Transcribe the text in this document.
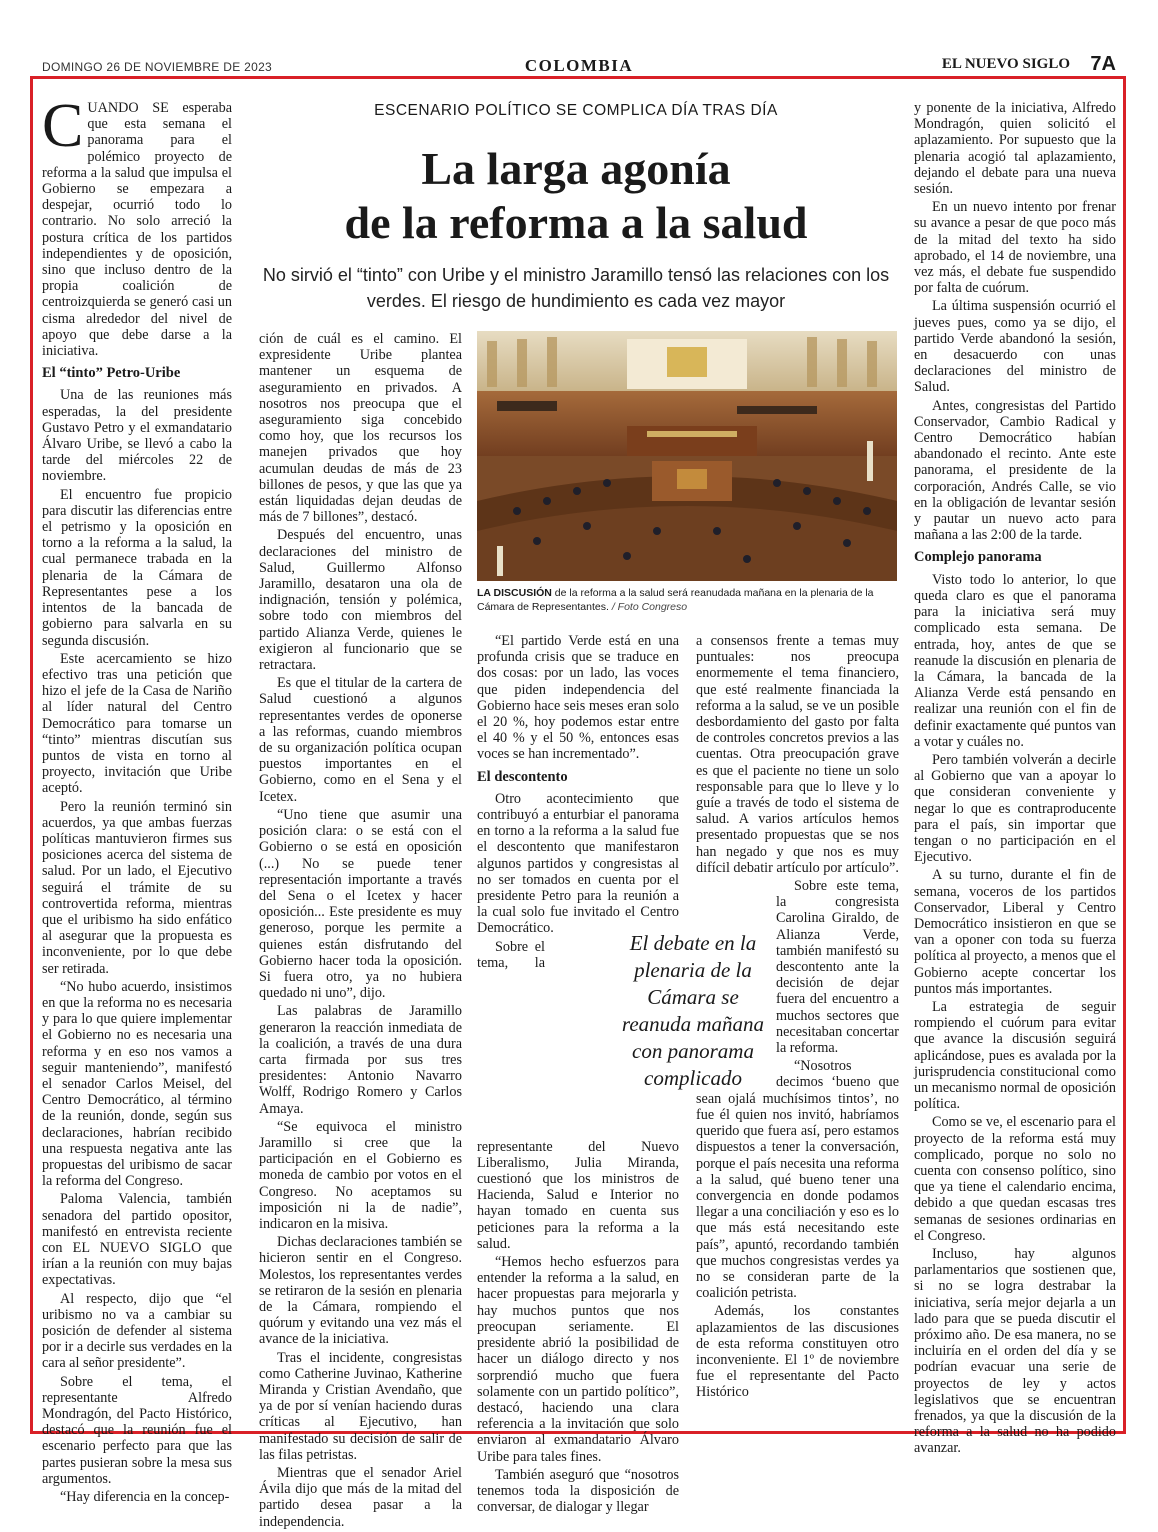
DOMINGO 26 DE NOVIEMBRE DE 2023	COLOMBIA	EL NUEVO SIGLO 7A

CUANDO SE esperaba que esta semana el panorama para el polémico proyecto de reforma a la salud que impulsa el Gobierno se empezara a despejar, ocurrió todo lo contrario. No solo arreció la postura crítica de los partidos independientes y de oposición, sino que incluso dentro de la propia coalición de centroizquierda se generó casi un cisma alrededor del nivel de apoyo que debe darse a la iniciativa.

El “tinto” Petro-Uribe

Una de las reuniones más esperadas, la del presidente Gustavo Petro y el exmandatario Álvaro Uribe, se llevó a cabo la tarde del miércoles 22 de noviembre.

El encuentro fue propicio para discutir las diferencias entre el petrismo y la oposición en torno a la reforma a la salud, la cual permanece trabada en la plenaria de la Cámara de Representantes pese a los intentos de la bancada de gobierno para salvarla en su segunda discusión.

Este acercamiento se hizo efectivo tras una petición que hizo el jefe de la Casa de Nariño al líder natural del Centro Democrático para tomarse un “tinto” mientras discutían sus puntos de vista en torno al proyecto, invitación que Uribe aceptó.

Pero la reunión terminó sin acuerdos, ya que ambas fuerzas políticas mantuvieron firmes sus posiciones acerca del sistema de salud. Por un lado, el Ejecutivo seguirá el trámite de su controvertida reforma, mientras que el uribismo ha sido enfático al asegurar que la propuesta es inconveniente, por lo que debe ser retirada.

“No hubo acuerdo, insistimos en que la reforma no es necesaria y para lo que quiere implementar el Gobierno no es necesaria una reforma y en eso nos vamos a seguir manteniendo”, manifestó el senador Carlos Meisel, del Centro Democrático, al término de la reunión, donde, según sus declaraciones, habrían recibido una respuesta negativa ante las propuestas del uribismo de sacar la reforma del Congreso.

Paloma Valencia, también senadora del partido opositor, manifestó en entrevista reciente con EL NUEVO SIGLO que irían a la reunión con muy bajas expectativas.

Al respecto, dijo que “el uribismo no va a cambiar su posición de defender al sistema por ir a decirle sus verdades en la cara al señor presidente”.

Sobre el tema, el representante Alfredo Mondragón, del Pacto Histórico, destacó que la reunión fue el escenario perfecto para que las partes pusieran sobre la mesa sus argumentos.

“Hay diferencia en la concep-

ESCENARIO POLÍTICO SE COMPLICA DÍA TRAS DÍA
La larga agonía
de la reforma a la salud
No sirvió el “tinto” con Uribe y el ministro Jaramillo tensó las relaciones con los verdes. El riesgo de hundimiento es cada vez mayor

ción de cuál es el camino. El expresidente Uribe plantea mantener un esquema de aseguramiento en privados. A nosotros nos preocupa que el aseguramiento siga concebido como hoy, que los recursos los manejen privados que hoy acumulan deudas de más de 23 billones de pesos, y que las que ya están liquidadas dejan deudas de más de 7 billones”, destacó.

Después del encuentro, unas declaraciones del ministro de Salud, Guillermo Alfonso Jaramillo, desataron una ola de indignación, tensión y polémica, sobre todo con miembros del partido Alianza Verde, quienes le exigieron al funcionario que se retractara.

Es que el titular de la cartera de Salud cuestionó a algunos representantes verdes de oponerse a las reformas, cuando miembros de su organización política ocupan puestos importantes en el Gobierno, como en el Sena y el Icetex.

“Uno tiene que asumir una posición clara: o se está con el Gobierno o se está en oposición (...) No se puede tener representación importante a través del Sena o el Icetex y hacer oposición... Este presidente es muy generoso, porque les permite a quienes están disfrutando del Gobierno hacer toda la oposición. Si fuera otro, ya no hubiera quedado ni uno”, dijo.

Las palabras de Jaramillo generaron la reacción inmediata de la coalición, a través de una dura carta firmada por sus tres presidentes: Antonio Navarro Wolff, Rodrigo Romero y Carlos Amaya.

“Se equivoca el ministro Jaramillo si cree que la participación en el Gobierno es moneda de cambio por votos en el Congreso. No aceptamos su imposición ni la de nadie”, indicaron en la misiva.

Dichas declaraciones también se hicieron sentir en el Congreso. Molestos, los representantes verdes se retiraron de la sesión en plenaria de la Cámara, rompiendo el quórum y evitando una vez más el avance de la iniciativa.

Tras el incidente, congresistas como Catherine Juvinao, Katherine Miranda y Cristian Avendaño, que ya de por sí venían haciendo duras críticas al Ejecutivo, han manifestado su decisión de salir de las filas petristas.

Mientras que el senador Ariel Ávila dijo que más de la mitad del partido desea pasar a la independencia.

LA DISCUSIÓN de la reforma a la salud será reanudada mañana en la plenaria de la Cámara de Representantes. / Foto Congreso

“El partido Verde está en una profunda crisis que se traduce en dos cosas: por un lado, las voces que piden independencia del Gobierno hace seis meses eran solo el 20 %, hoy podemos estar entre el 40 % y el 50 %, entonces esas voces se han incrementado”.

El descontento

Otro acontecimiento que contribuyó a enturbiar el panorama en torno a la reforma a la salud fue el descontento que manifestaron algunos partidos y congresistas al no ser tomados en cuenta por el presidente Petro para la reunión a la cual solo fue invitado el Centro Democrático.

Sobre el tema, la representante del Nuevo Liberalismo, Julia Miranda, cuestionó que los ministros de Hacienda, Salud e Interior no hayan tomado en cuenta sus peticiones para la reforma a la salud.

“Hemos hecho esfuerzos para entender la reforma a la salud, en hacer propuestas para mejorarla y hay muchos puntos que nos preocupan seriamente. El presidente abrió la posibilidad de hacer un diálogo directo y nos sorprendió mucho que fuera solamente con un partido político”, destacó, haciendo una clara referencia a la invitación que solo enviaron al exmandatario Álvaro Uribe para tales fines.

También aseguró que “nosotros tenemos toda la disposición de conversar, de dialogar y llegar

a consensos frente a temas muy puntuales: nos preocupa enormemente el tema financiero, que esté realmente financiada la reforma a la salud, se ve un posible desbordamiento del gasto por falta de controles concretos previos a las cuentas. Otra preocupación grave es que el paciente no tiene un solo responsable para que lo lleve y lo guíe a través de todo el sistema de salud. A varios artículos hemos presentado propuestas que se nos han negado y que nos es muy difícil debatir artículo por artículo”.

Sobre este tema, la congresista Carolina Giraldo, de Alianza Verde, también manifestó su descontento ante la decisión de dejar fuera del encuentro a muchos sectores que necesitaban concertar la reforma.

“Nosotros decimos ‘bueno que sean ojalá muchísimos tintos’, no fue él quien nos invitó, habríamos querido que fuera así, pero estamos dispuestos a tener la conversación, porque el país necesita una reforma a la salud, qué bueno tener una convergencia en donde podamos llegar a una conciliación y eso es lo que más está necesitando este país”, apuntó, recordando también que muchos congresistas verdes ya no se consideran parte de la coalición petrista.

Además, los constantes aplazamientos de las discusiones de esta reforma constituyen otro inconveniente. El 1º de noviembre fue el representante del Pacto Histórico

El debate en la plenaria de la Cámara se reanuda mañana con panorama complicado

y ponente de la iniciativa, Alfredo Mondragón, quien solicitó el aplazamiento. Por supuesto que la plenaria acogió tal aplazamiento, dejando el debate para una nueva sesión.

En un nuevo intento por frenar su avance a pesar de que poco más de la mitad del texto ha sido aprobado, el 14 de noviembre, una vez más, el debate fue suspendido por falta de cuórum.

La última suspensión ocurrió el jueves pues, como ya se dijo, el partido Verde abandonó la sesión, en desacuerdo con unas declaraciones del ministro de Salud.

Antes, congresistas del Partido Conservador, Cambio Radical y Centro Democrático habían abandonado el recinto. Ante este panorama, el presidente de la corporación, Andrés Calle, se vio en la obligación de levantar sesión y pautar un nuevo acto para mañana a las 2:00 de la tarde.

Complejo panorama

Visto todo lo anterior, lo que queda claro es que el panorama para la iniciativa será muy complicado esta semana. De entrada, hoy, antes de que se reanude la discusión en plenaria de la Cámara, la bancada de la Alianza Verde está pensando en realizar una reunión con el fin de definir exactamente qué puntos van a votar y cuáles no.

Pero también volverán a decirle al Gobierno que van a apoyar lo que consideran conveniente y negar lo que es contraproducente para el país, sin importar que tengan o no participación en el Ejecutivo.

A su turno, durante el fin de semana, voceros de los partidos Conservador, Liberal y Centro Democrático insistieron en que se van a oponer con toda su fuerza política al proyecto, a menos que el Gobierno acepte concertar los puntos más importantes.

La estrategia de seguir rompiendo el cuórum para evitar que avance la discusión seguirá aplicándose, pues es avalada por la jurisprudencia constitucional como un mecanismo normal de oposición política.

Como se ve, el escenario para el proyecto de la reforma está muy complicado, porque no solo no cuenta con consenso político, sino que ya tiene el calendario encima, debido a que quedan escasas tres semanas de sesiones ordinarias en el Congreso.

Incluso, hay algunos parlamentarios que sostienen que, si no se logra destrabar la iniciativa, sería mejor dejarla a un lado para que se pueda discutir el próximo año. De esa manera, no se incluiría en el orden del día y se podrían evacuar una serie de proyectos de ley y actos legislativos que se encuentran frenados, ya que la discusión de la reforma a la salud no ha podido avanzar.
